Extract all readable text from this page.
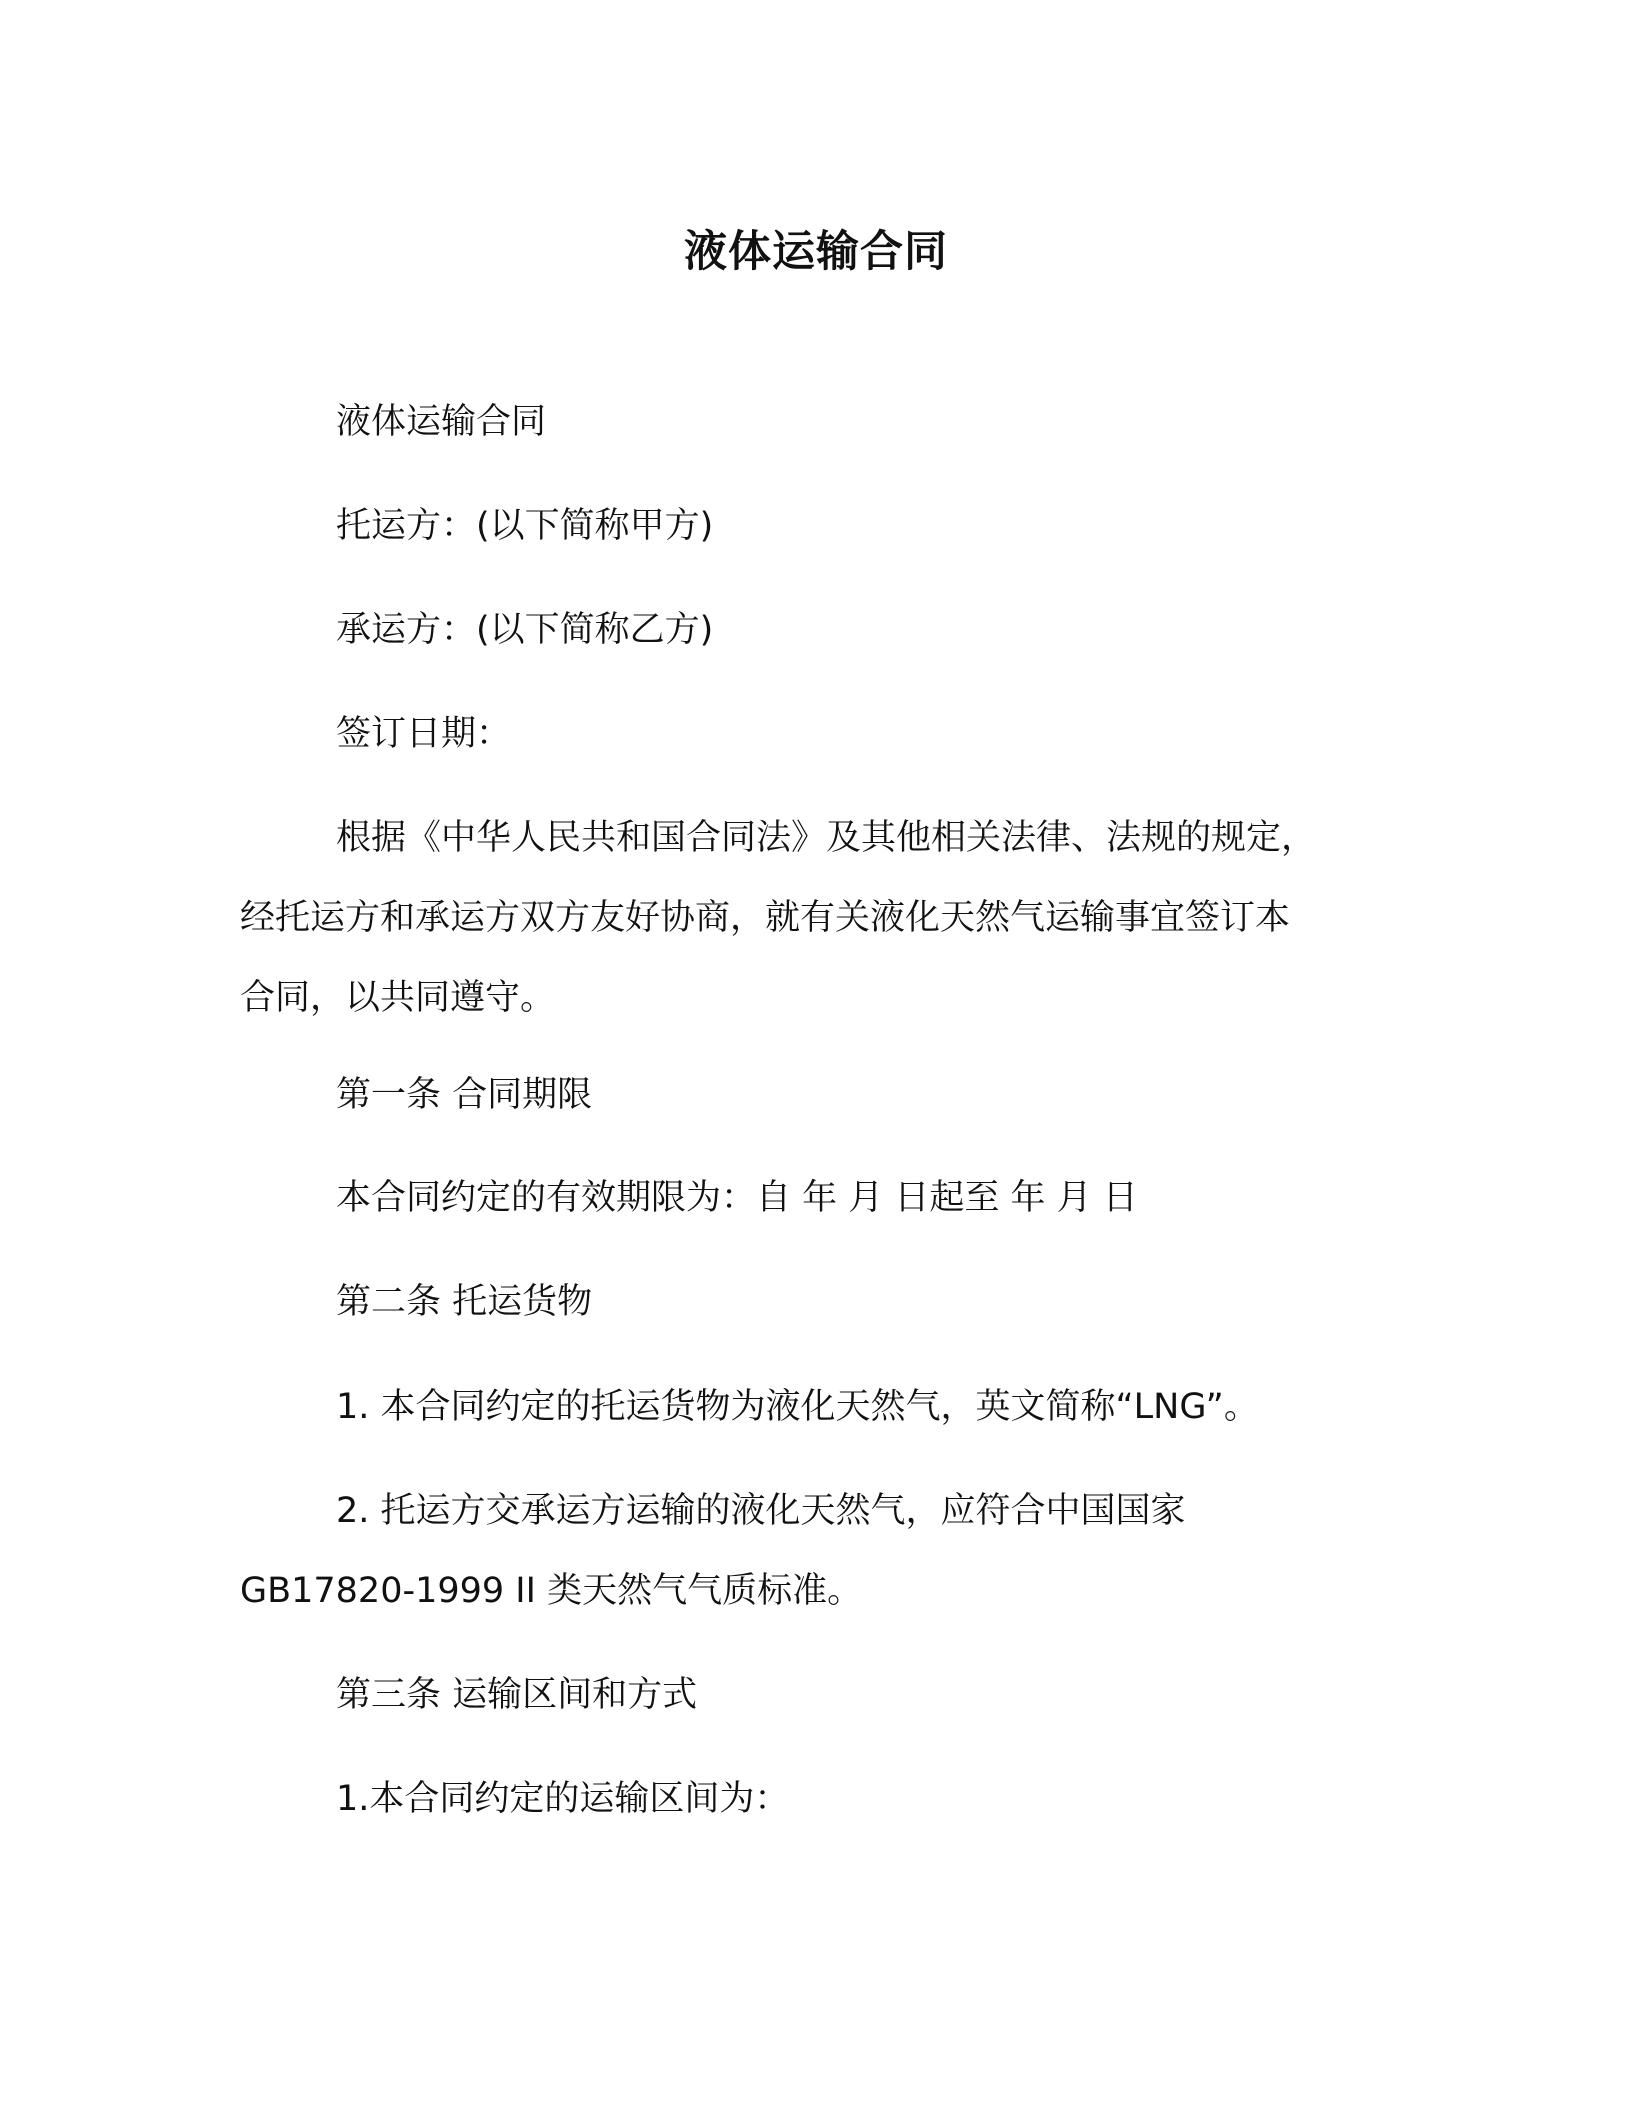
液体运输合同

液体运输合同

托运方：(以下简称甲方)

承运方：(以下简称乙方)

签订日期：

根据《中华人民共和国合同法》及其他相关法律、法规的规定，
经托运方和承运方双方友好协商，就有关液化天然气运输事宜签订本
合同，以共同遵守。

第一条 合同期限

本合同约定的有效期限为：自 年 月 日起至 年 月 日

第二条 托运货物

1. 本合同约定的托运货物为液化天然气，英文简称“LNG”。

2. 托运方交承运方运输的液化天然气，应符合中国国家
GB17820-1999 II 类天然气气质标准。

第三条 运输区间和方式

1.本合同约定的运输区间为：
